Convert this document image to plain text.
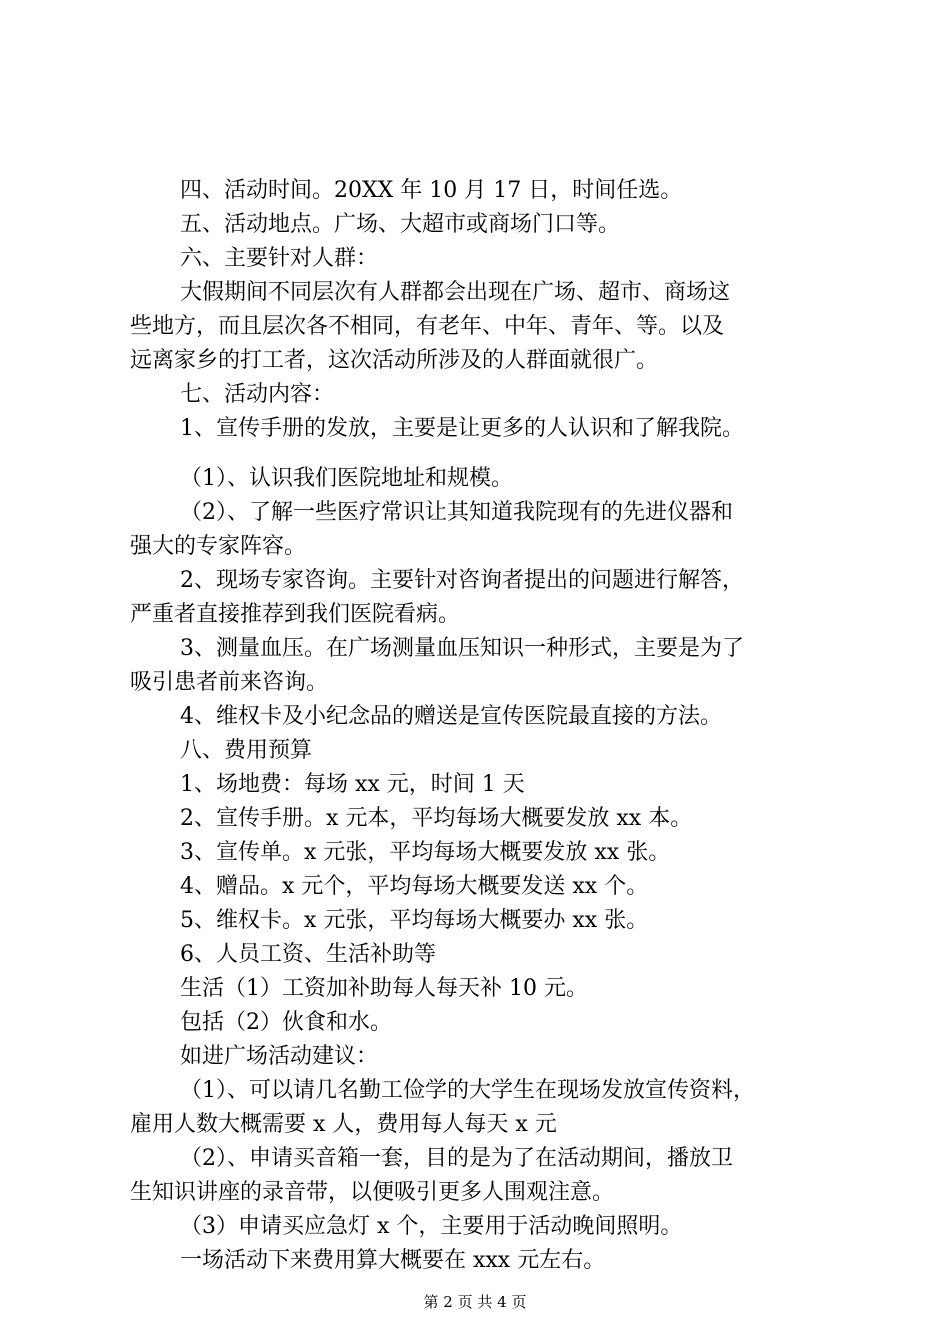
四、活动时间。20XX 年 10 月 17 日，时间任选。
五、活动地点。广场、大超市或商场门口等。
六、主要针对人群：
大假期间不同层次有人群都会出现在广场、超市、商场这
些地方，而且层次各不相同，有老年、中年、青年、等。以及
远离家乡的打工者，这次活动所涉及的人群面就很广。
七、活动内容：
1、宣传手册的发放，主要是让更多的人认识和了解我院。
（1）、认识我们医院地址和规模。
（2）、了解一些医疗常识让其知道我院现有的先进仪器和
强大的专家阵容。
2、现场专家咨询。主要针对咨询者提出的问题进行解答，
严重者直接推荐到我们医院看病。
3、测量血压。在广场测量血压知识一种形式，主要是为了
吸引患者前来咨询。
4、维权卡及小纪念品的赠送是宣传医院最直接的方法。
八、费用预算
1、场地费：每场 xx 元，时间 1 天
2、宣传手册。x 元本，平均每场大概要发放 xx 本。
3、宣传单。x 元张，平均每场大概要发放 xx 张。
4、赠品。x 元个，平均每场大概要发送 xx 个。
5、维权卡。x 元张，平均每场大概要办 xx 张。
6、人员工资、生活补助等
生活（1）工资加补助每人每天补 10 元。
包括（2）伙食和水。
如进广场活动建议：
（1）、可以请几名勤工俭学的大学生在现场发放宣传资料，
雇用人数大概需要 x 人，费用每人每天 x 元
（2）、申请买音箱一套，目的是为了在活动期间，播放卫
生知识讲座的录音带，以便吸引更多人围观注意。
（3）申请买应急灯 x 个，主要用于活动晚间照明。
一场活动下来费用算大概要在 xxx 元左右。
第 2 页 共 4 页
